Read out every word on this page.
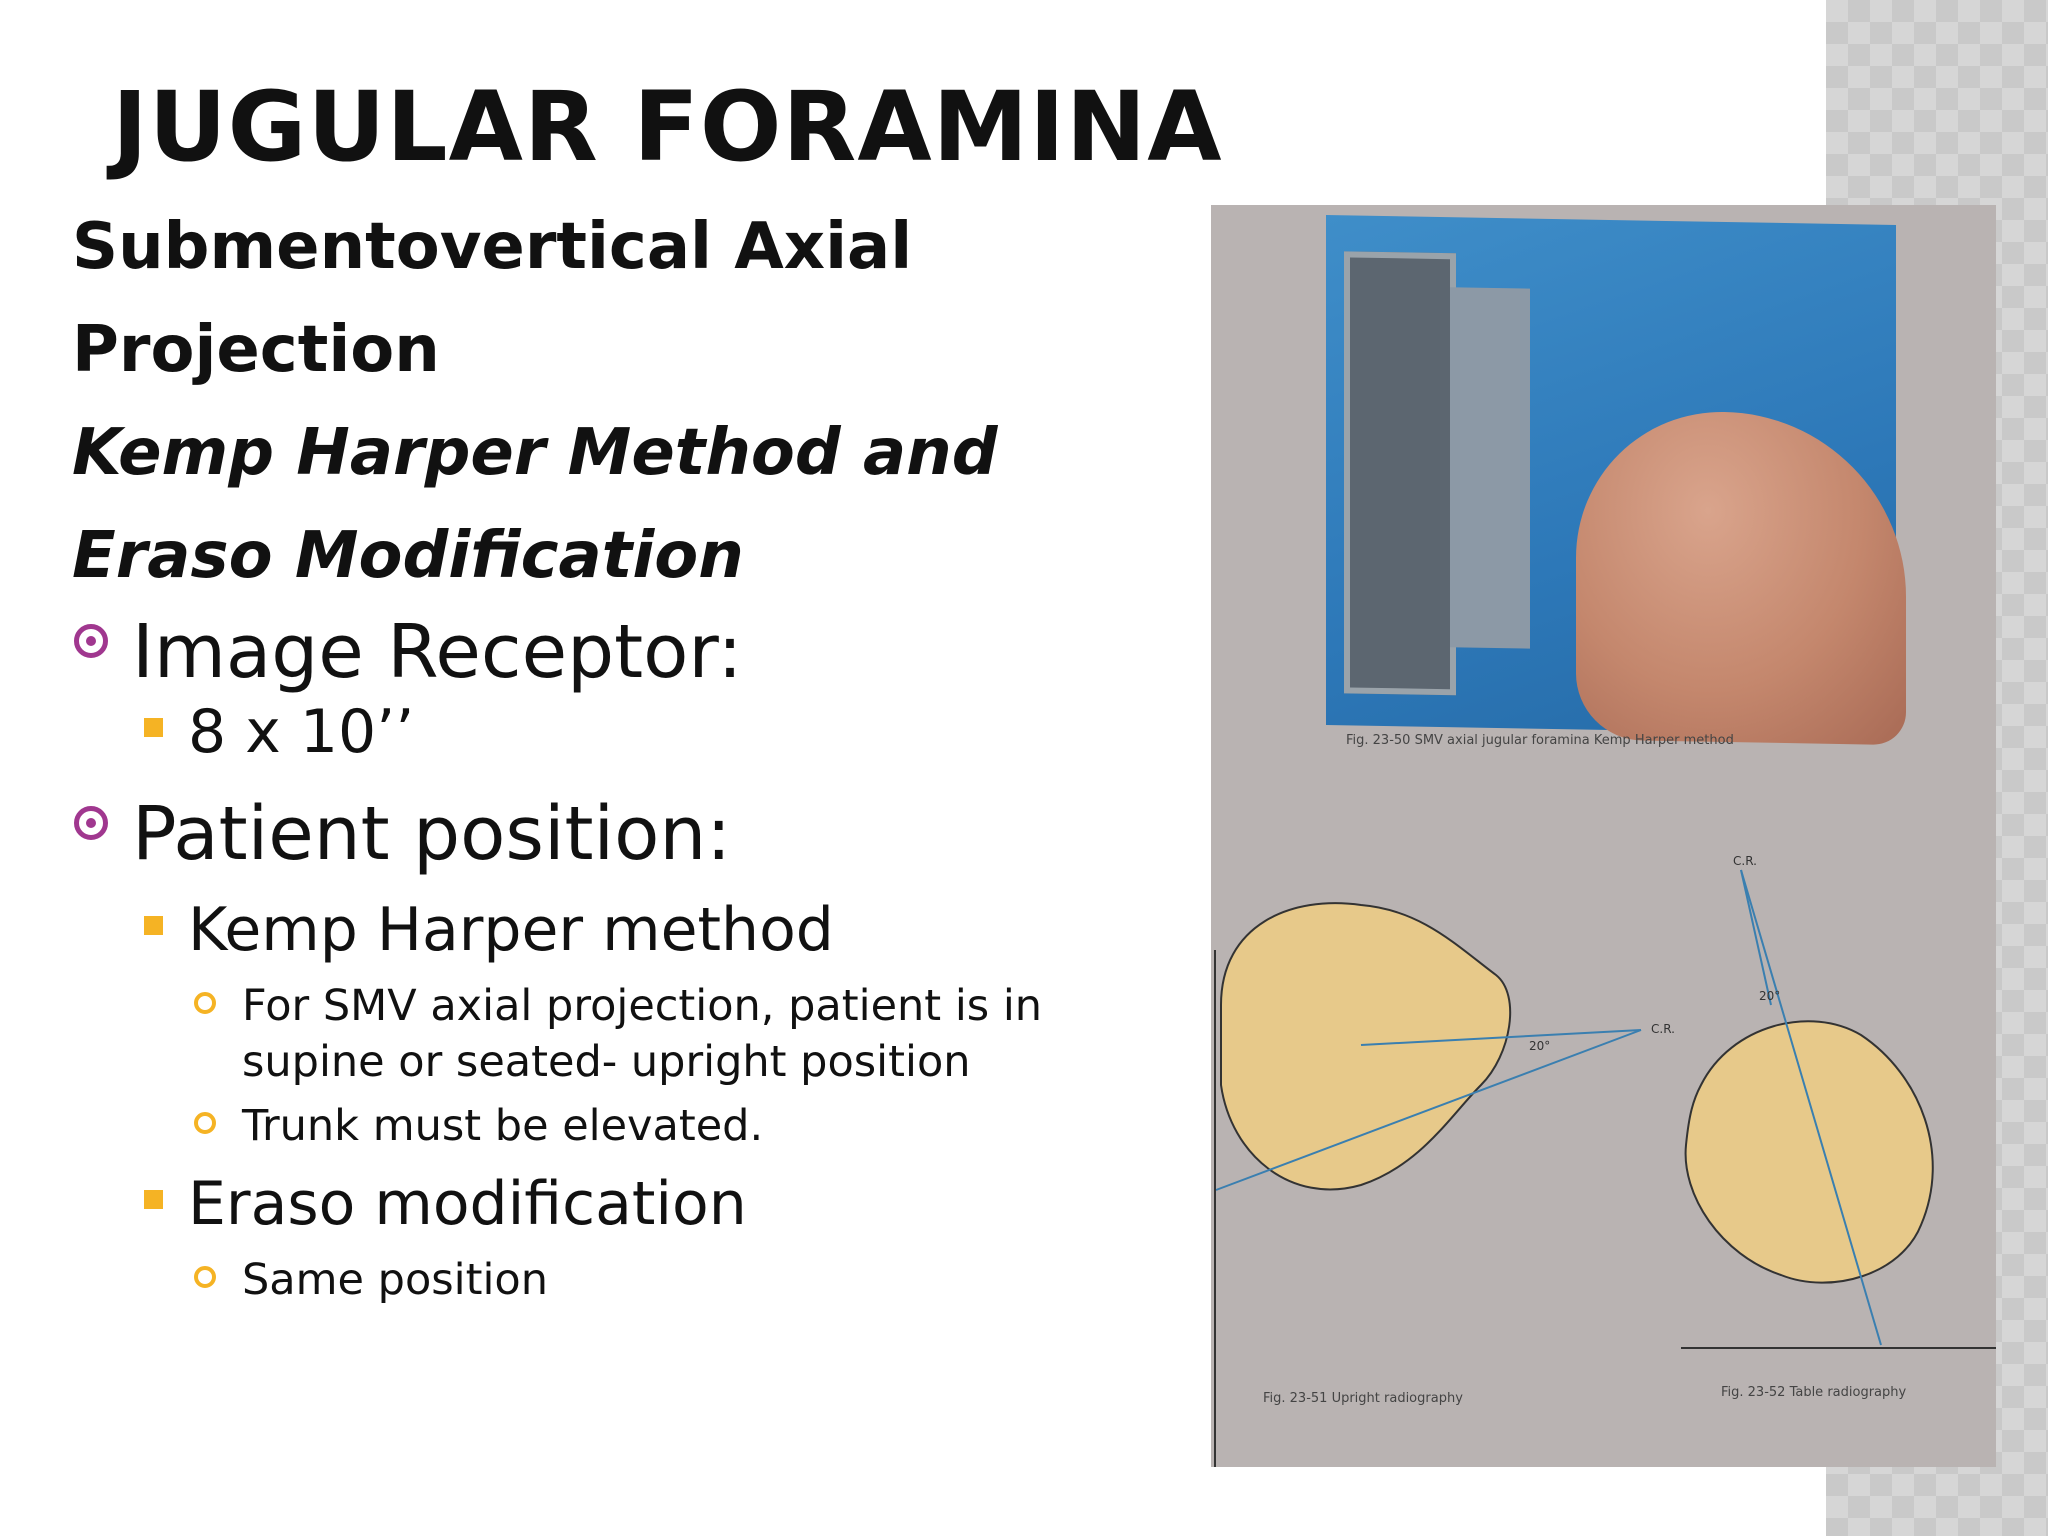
JUGULAR FORAMINA
Submentovertical Axial
Projection
Kemp Harper Method and
Eraso Modification

Image Receptor:

8 x 10’’

Patient position:

Kemp Harper method

For SMV axial projection, patient is in supine or seated- upright position

Trunk must be elevated.

Eraso modification

Same position

Fig. 23-50 SMV axial jugular foramina Kemp Harper method
20°
C.R.
20°
C.R.
Fig. 23-51 Upright radiography	Fig. 23-52 Table radiography
